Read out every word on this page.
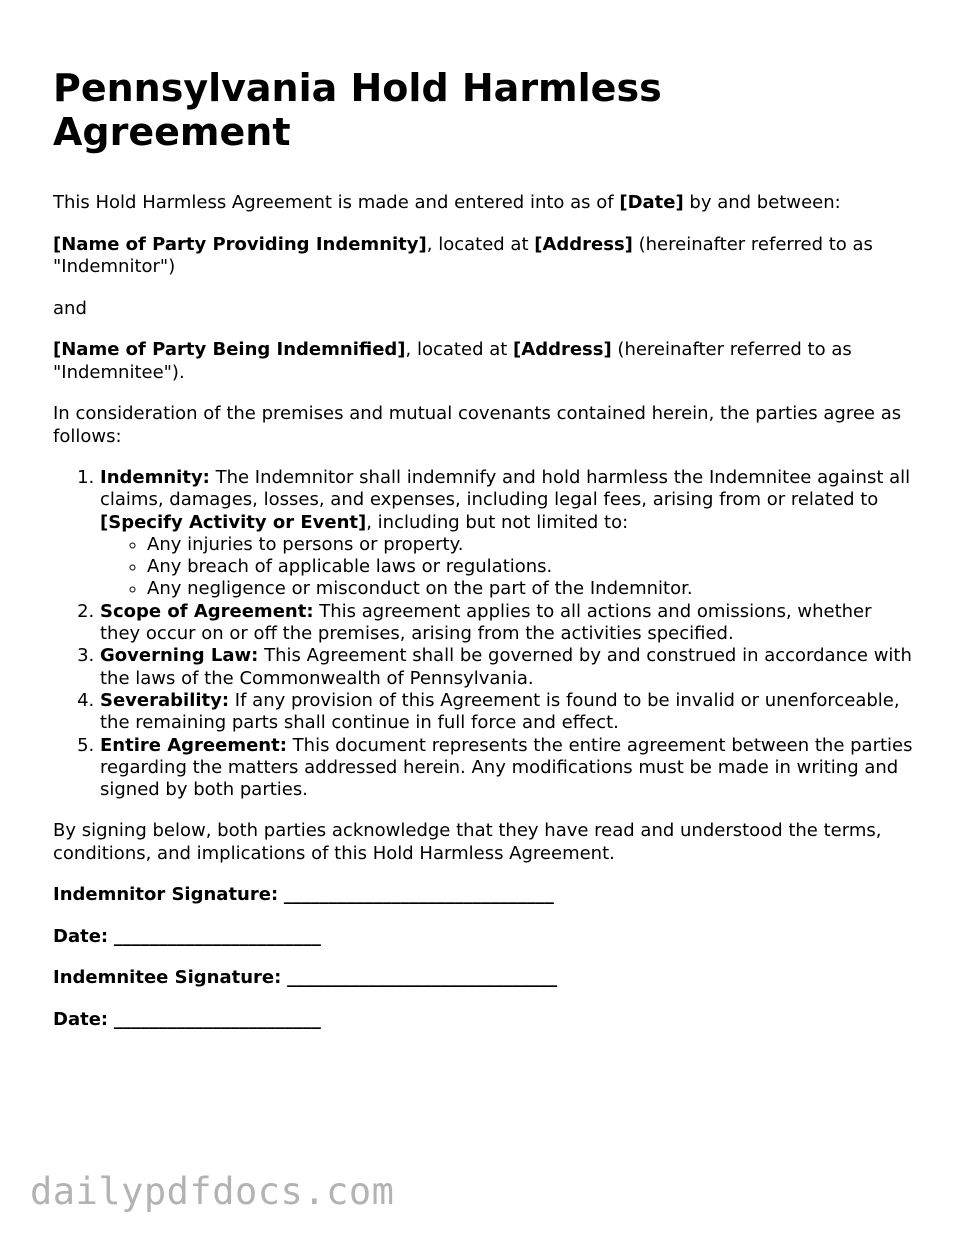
Pennsylvania Hold Harmless
Agreement

This Hold Harmless Agreement is made and entered into as of [Date] by and between:

[Name of Party Providing Indemnity], located at [Address] (hereinafter referred to as "Indemnitor")

and

[Name of Party Being Indemnified], located at [Address] (hereinafter referred to as "Indemnitee").

In consideration of the premises and mutual covenants contained herein, the parties agree as follows:

1. Indemnity: The Indemnitor shall indemnify and hold harmless the Indemnitee against all claims, damages, losses, and expenses, including legal fees, arising from or related to [Specify Activity or Event], including but not limited to:
◦ Any injuries to persons or property.
◦ Any breach of applicable laws or regulations.
◦ Any negligence or misconduct on the part of the Indemnitor.
2. Scope of Agreement: This agreement applies to all actions and omissions, whether they occur on or off the premises, arising from the activities specified.
3. Governing Law: This Agreement shall be governed by and construed in accordance with the laws of the Commonwealth of Pennsylvania.
4. Severability: If any provision of this Agreement is found to be invalid or unenforceable, the remaining parts shall continue in full force and effect.
5. Entire Agreement: This document represents the entire agreement between the parties regarding the matters addressed herein. Any modifications must be made in writing and signed by both parties.

By signing below, both parties acknowledge that they have read and understood the terms, conditions, and implications of this Hold Harmless Agreement.

Indemnitor Signature: ______________________________
Date: _______________________
Indemnitee Signature: ______________________________
Date: _______________________
dailypdfdocs.com
